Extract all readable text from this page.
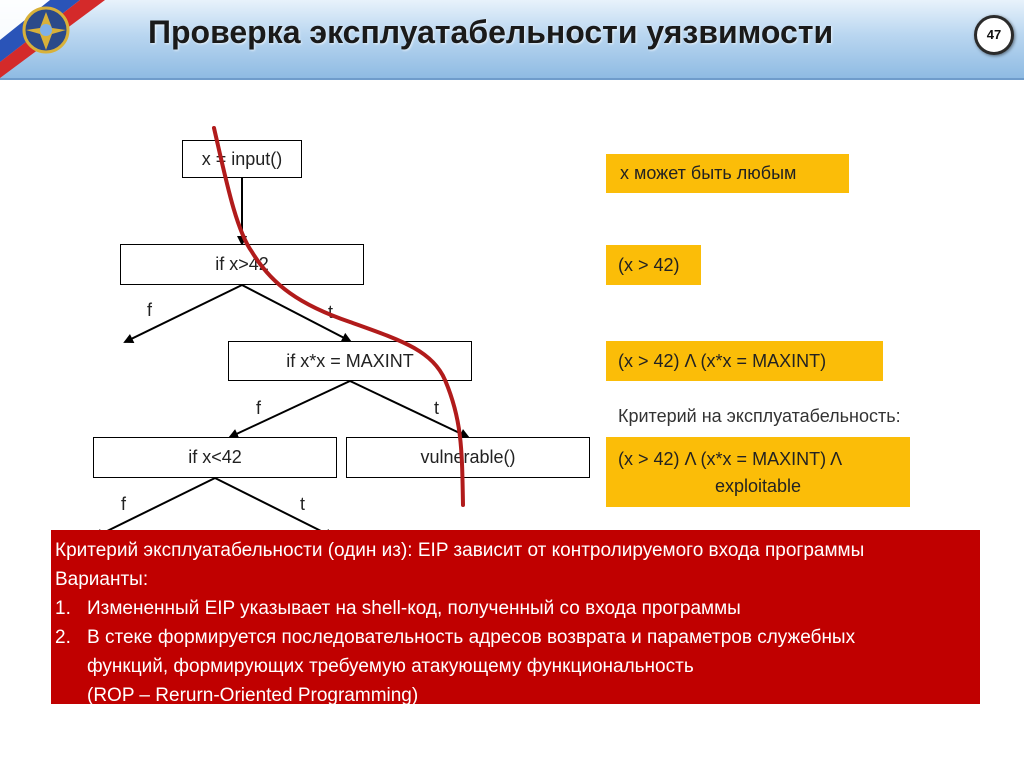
Проверка эксплуатабельности уязвимости	47
x = input()
if x>42
if x*x = MAXINT
vulnerable()
if x<42
f	t
f	t
f	t
x может быть любым
(x > 42)
(x > 42) Λ (x*x = MAXINT)
Критерий на эксплуатабельность:
(x > 42) Λ (x*x = MAXINT) Λ
exploitable
Критерий эксплуатабельности (один из): EIP зависит от контролируемого входа программы
Варианты:
1. Измененный EIP указывает на shell-код, полученный со входа программы
2. В стеке формируется последовательность адресов возврата и параметров служебных
функций, формирующих требуемую атакующему функциональность
(ROP – Rerurn-Oriented Programming)
